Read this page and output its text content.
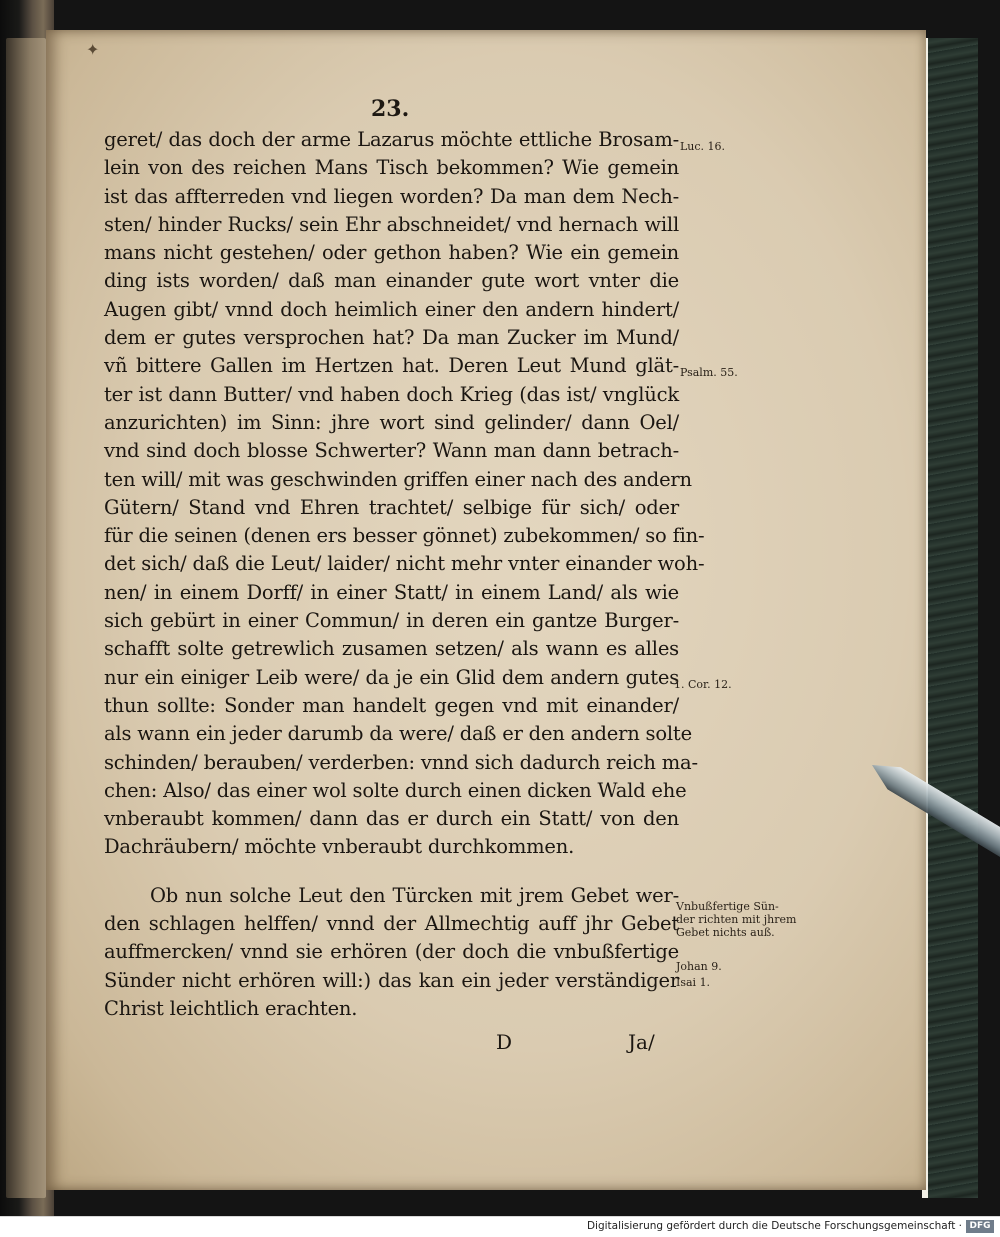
✦
23.
geret/ das doch der arme Lazarus möchte ettliche Brosam-
lein von des reichen Mans Tisch bekommen? Wie gemein
ist das affterreden vnd liegen worden? Da man dem Nech-
sten/ hinder Rucks/ sein Ehr abschneidet/ vnd hernach will
mans nicht gestehen/ oder gethon haben? Wie ein gemein
ding ists worden/ daß man einander gute wort vnter die
Augen gibt/ vnnd doch heimlich einer den andern hindert/
dem er gutes versprochen hat? Da man Zucker im Mund/
vñ bittere Gallen im Hertzen hat. Deren Leut Mund glät-
ter ist dann Butter/ vnd haben doch Krieg (das ist/ vnglück
anzurichten) im Sinn: jhre wort sind gelinder/ dann Oel/
vnd sind doch blosse Schwerter? Wann man dann betrach-
ten will/ mit was geschwinden griffen einer nach des andern
Gütern/ Stand vnd Ehren trachtet/ selbige für sich/ oder
für die seinen (denen ers besser gönnet) zubekommen/ so fin-
det sich/ daß die Leut/ laider/ nicht mehr vnter einander woh-
nen/ in einem Dorff/ in einer Statt/ in einem Land/ als wie
sich gebürt in einer Commun/ in deren ein gantze Burger-
schafft solte getrewlich zusamen setzen/ als wann es alles
nur ein einiger Leib were/ da je ein Glid dem andern gutes
thun sollte: Sonder man handelt gegen vnd mit einander/
als wann ein jeder darumb da were/ daß er den andern solte
schinden/ berauben/ verderben: vnnd sich dadurch reich ma-
chen: Also/ das einer wol solte durch einen dicken Wald ehe
vnberaubt kommen/ dann das er durch ein Statt/ von den
Dachräubern/ möchte vnberaubt durchkommen.
Ob nun solche Leut den Türcken mit jrem Gebet wer-
den schlagen helffen/ vnnd der Allmechtig auff jhr Gebet
auffmercken/ vnnd sie erhören (der doch die vnbußfertige
Sünder nicht erhören will:) das kan ein jeder verständiger
Christ leichtlich erachten.
D	Ja/
Luc. 16.
Psalm. 55.
1. Cor. 12.
Vnbußfertige Sün-
der richten mit jhrem
Gebet nichts auß.
Johan 9.
Isai 1.
Digitalisierung gefördert durch die Deutsche Forschungsgemeinschaft · DFG
